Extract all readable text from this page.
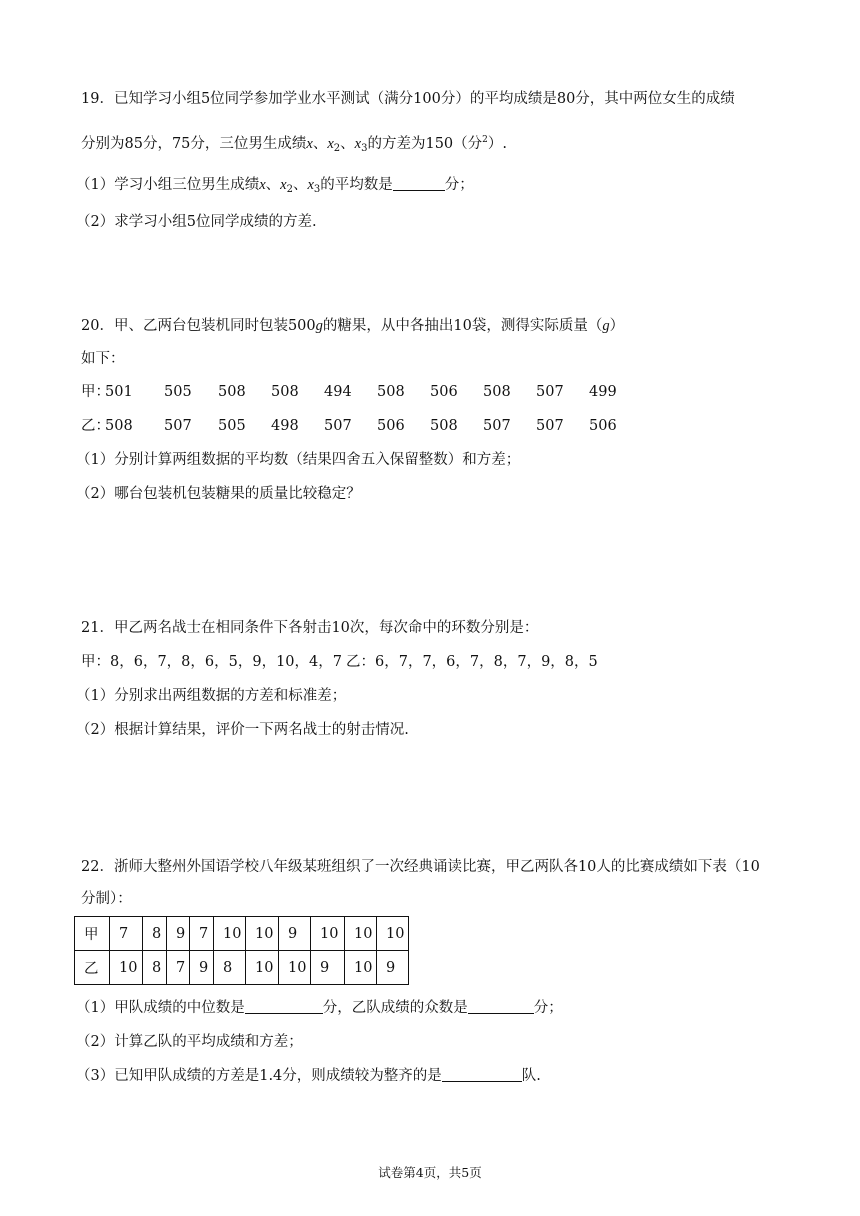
19．已知学习小组5位同学参加学业水平测试（满分100分）的平均成绩是80分，其中两位女生的成绩
分别为85分，75分，三位男生成绩x、$x_2$、$x_3$的方差为150（分$^2$）.
（1）学习小组三位男生成绩x、$x_2$、$x_3$的平均数是	分；
（2）求学习小组5位同学成绩的方差.
20．甲、乙两台包装机同时包装500g的糖果，从中各抽出10袋，测得实际质量（g）
如下：
甲：
501 505 508 508 494 508 506 508 507 499
乙：
508 507 505 498 507 506 508 507 507 506
（1）分别计算两组数据的平均数（结果四舍五入保留整数）和方差；
（2）哪台包装机包装糖果的质量比较稳定？
21．甲乙两名战士在相同条件下各射击10次，每次命中的环数分别是：
甲：8，6，7，8，6，5，9，10，4，7 乙：6，7，7，6，7，8，7，9，8，5
（1）分别求出两组数据的方差和标准差；
（2）根据计算结果，评价一下两名战士的射击情况.
22．浙师大整州外国语学校八年级某班组织了一次经典诵读比赛，甲乙两队各10人的比赛成绩如下表（10
分制）：
甲	7	8	9	7	10	10	9	10	10	10
乙	10	8	7	9	8	10	10	9	10	9
（1）甲队成绩的中位数是	分，乙队成绩的众数是	分；
（2）计算乙队的平均成绩和方差；
（3）已知甲队成绩的方差是1.4分，则成绩较为整齐的是	队.
试卷第4页，共5页
